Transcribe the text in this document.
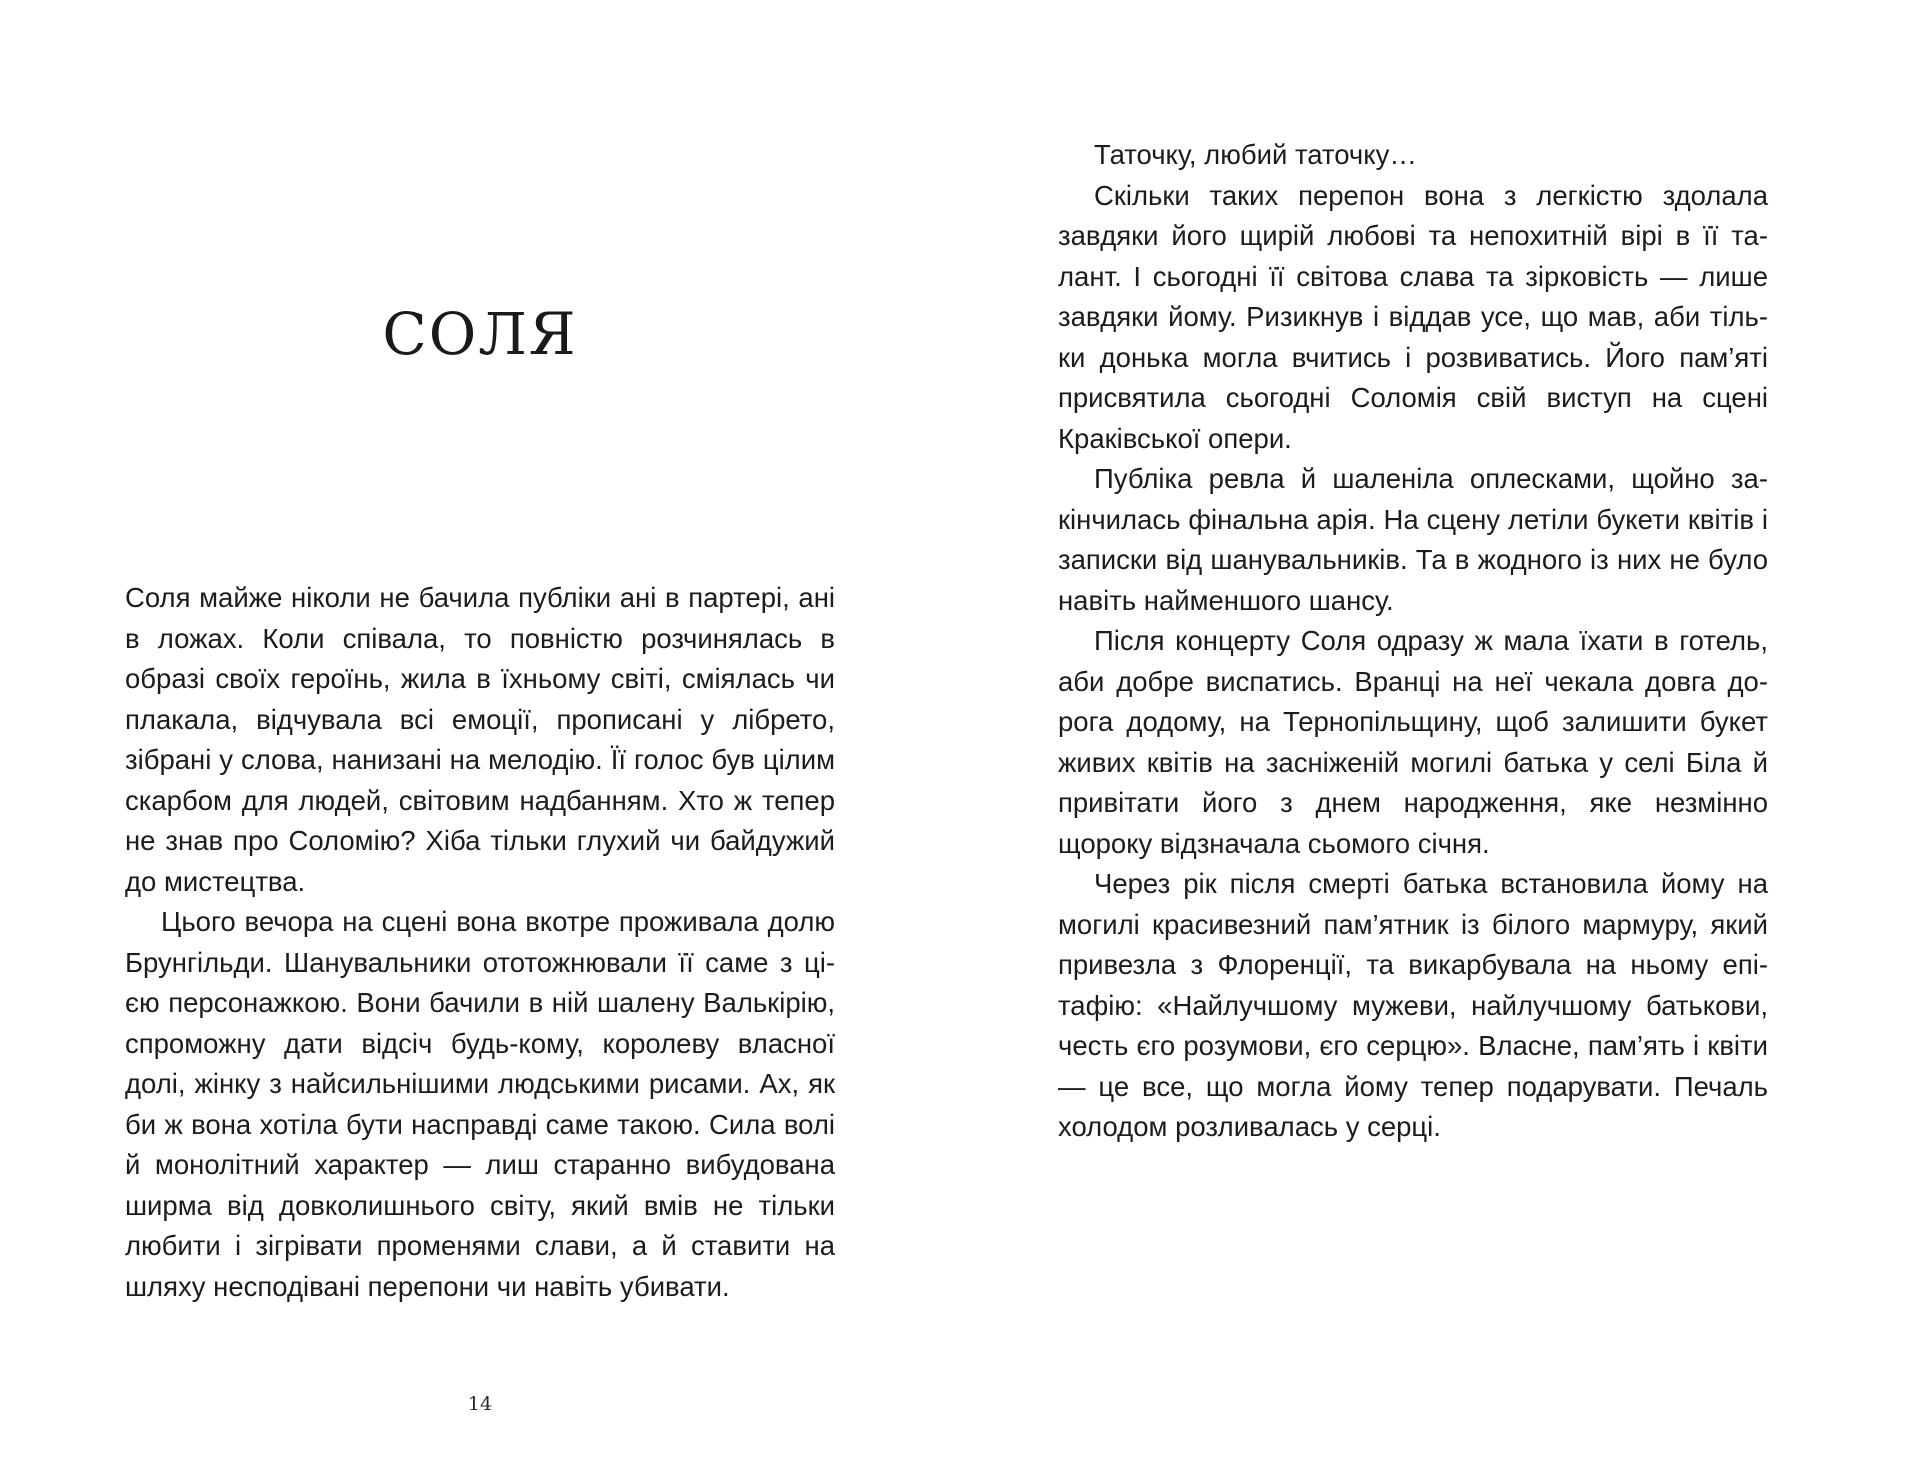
СОЛЯ

Соля майже ніколи не бачила публіки ані в партері, ані в ложах. Коли співала, то повністю розчинялась в образі своїх героїнь, жила в їхньому світі, сміялась чи плакала, відчувала всі емоції, прописані у лібрето, зібрані у слова, нанизані на мелодію. Її голос був цілим скарбом для людей, світовим надбанням. Хто ж тепер не знав про Соломію? Хіба тільки глухий чи байдужий до мистецтва.

Цього вечора на сцені вона вкотре проживала долю Брунгільди. Шанувальники ототожнювали її саме з цією персонажкою. Вони бачили в ній шалену Валькірію, спроможну дати відсіч будь-кому, королеву власної долі, жінку з найсильнішими людськими рисами. Ах, як би ж вона хотіла бути насправді саме такою. Сила волі й монолітний характер — лиш старанно вибудована ширма від довколишнього світу, який вмів не тільки любити і зігрівати променями слави, а й ставити на шляху несподівані перепони чи навіть убивати.

14

Таточку, любий таточку…

Скільки таких перепон вона з легкістю здолала завдяки його щирій любові та непохитній вірі в її талант. І сьогодні її світова слава та зірковість — лише завдяки йому. Ризикнув і віддав усе, що мав, аби тільки донька могла вчитись і розвиватись. Його пам’яті присвятила сьогодні Соломія свій виступ на сцені Краківської опери.

Публіка ревла й шаленіла оплесками, щойно закінчилась фінальна арія. На сцену летіли букети квітів і записки від шанувальників. Та в жодного із них не було навіть найменшого шансу.

Після концерту Соля одразу ж мала їхати в готель, аби добре виспатись. Вранці на неї чекала довга дорога додому, на Тернопільщину, щоб залишити букет живих квітів на засніженій могилі батька у селі Біла й привітати його з днем народження, яке незмінно щороку відзначала сьомого січня.

Через рік після смерті батька встановила йому на могилі красивезний пам’ятник із білого мармуру, який привезла з Флоренції, та викарбувала на ньому епітафію: «Найлучшому мужеви, найлучшому батькови, честь єго розумови, єго серцю». Власне, пам’ять і квіти — це все, що могла йому тепер подарувати. Печаль холодом розливалась у серці.
